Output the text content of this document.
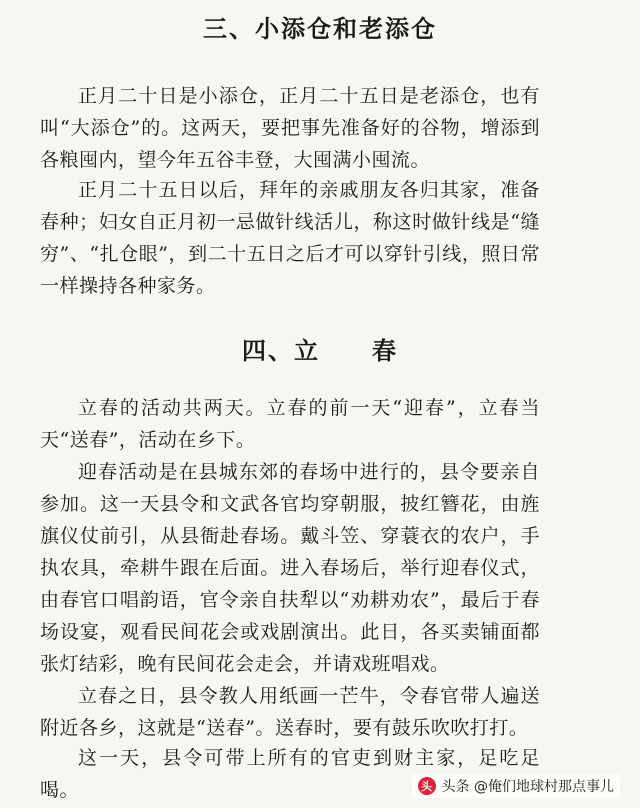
三、小添仓和老添仓
正月二十日是小添仓，正月二十五日是老添仓，也有叫“大添仓”的。这两天，要把事先准备好的谷物，增添到各粮囤内，望今年五谷丰登，大囤满小囤流。
正月二十五日以后，拜年的亲戚朋友各归其家，准备春种；妇女自正月初一忌做针线活儿，称这时做针线是“缝穷”、“扎仓眼”，到二十五日之后才可以穿针引线，照日常一样操持各种家务。
四、立　　春
立春的活动共两天。立春的前一天“迎春”，立春当天“送春”，活动在乡下。
迎春活动是在县城东郊的春场中进行的，县令要亲自参加。这一天县令和文武各官均穿朝服，披红簪花，由旌旗仪仗前引，从县衙赴春场。戴斗笠、穿蓑衣的农户，手执农具，牵耕牛跟在后面。进入春场后，举行迎春仪式，由春官口唱韵语，官令亲自扶犁以“劝耕劝农”，最后于春场设宴，观看民间花会或戏剧演出。此日，各买卖铺面都张灯结彩，晚有民间花会走会，并请戏班唱戏。
立春之日，县令教人用纸画一芒牛，令春官带人遍送附近各乡，这就是“送春”。送春时，要有鼓乐吹吹打打。
这一天，县令可带上所有的官吏到财主家，足吃足喝。	头 头条 @俺们地球村那点事儿
